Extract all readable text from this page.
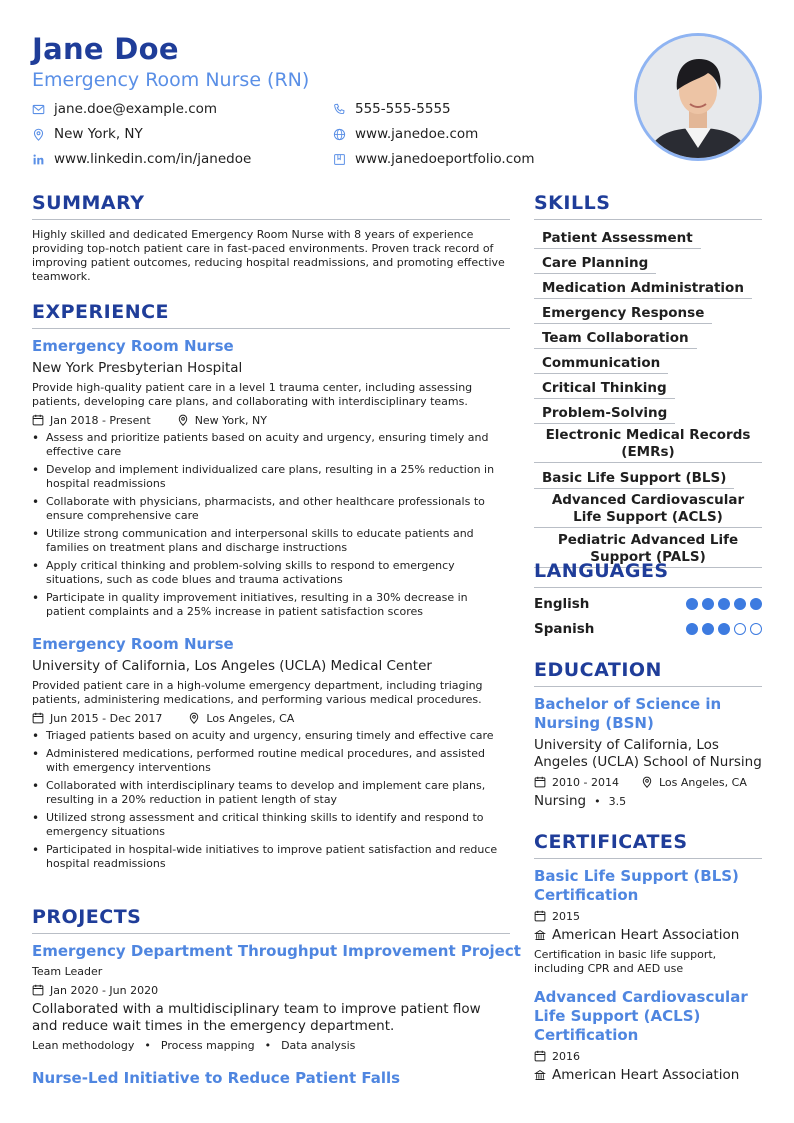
Jane Doe
Emergency Room Nurse (RN)
jane.doe@example.com
New York, NY
www.linkedin.com/in/janedoe
555-555-5555
www.janedoe.com
www.janedoeportfolio.com
SUMMARY
Highly skilled and dedicated Emergency Room Nurse with 8 years of experience providing top-notch patient care in fast-paced environments. Proven track record of improving patient outcomes, reducing hospital readmissions, and promoting effective teamwork.
EXPERIENCE
Emergency Room Nurse
New York Presbyterian Hospital
Provide high-quality patient care in a level 1 trauma center, including assessing patients, developing care plans, and collaborating with interdisciplinary teams.
Jan 2018 - Present	New York, NY
• Assess and prioritize patients based on acuity and urgency, ensuring timely and effective care
• Develop and implement individualized care plans, resulting in a 25% reduction in hospital readmissions
• Collaborate with physicians, pharmacists, and other healthcare professionals to ensure comprehensive care
• Utilize strong communication and interpersonal skills to educate patients and families on treatment plans and discharge instructions
• Apply critical thinking and problem-solving skills to respond to emergency situations, such as code blues and trauma activations
• Participate in quality improvement initiatives, resulting in a 30% decrease in patient complaints and a 25% increase in patient satisfaction scores
Emergency Room Nurse
University of California, Los Angeles (UCLA) Medical Center
Provided patient care in a high-volume emergency department, including triaging patients, administering medications, and performing various medical procedures.
Jun 2015 - Dec 2017	Los Angeles, CA
• Triaged patients based on acuity and urgency, ensuring timely and effective care
• Administered medications, performed routine medical procedures, and assisted with emergency interventions
• Collaborated with interdisciplinary teams to develop and implement care plans, resulting in a 20% reduction in patient length of stay
• Utilized strong assessment and critical thinking skills to identify and respond to emergency situations
• Participated in hospital-wide initiatives to improve patient satisfaction and reduce hospital readmissions
PROJECTS
Emergency Department Throughput Improvement Project
Team Leader
Jan 2020 - Jun 2020
Collaborated with a multidisciplinary team to improve patient flow and reduce wait times in the emergency department.
Lean methodology • Process mapping • Data analysis
Nurse-Led Initiative to Reduce Patient Falls
SKILLS
Patient Assessment
Care Planning
Medication Administration
Emergency Response
Team Collaboration
Communication
Critical Thinking
Problem-Solving
Electronic Medical Records (EMRs)
Basic Life Support (BLS)
Advanced Cardiovascular Life Support (ACLS)
Pediatric Advanced Life Support (PALS)
LANGUAGES
English
Spanish
EDUCATION
Bachelor of Science in Nursing (BSN)
University of California, Los Angeles (UCLA) School of Nursing
2010 - 2014	Los Angeles, CA
Nursing • 3.5
CERTIFICATES
Basic Life Support (BLS) Certification
2015
American Heart Association
Certification in basic life support, including CPR and AED use
Advanced Cardiovascular Life Support (ACLS) Certification
2016
American Heart Association
